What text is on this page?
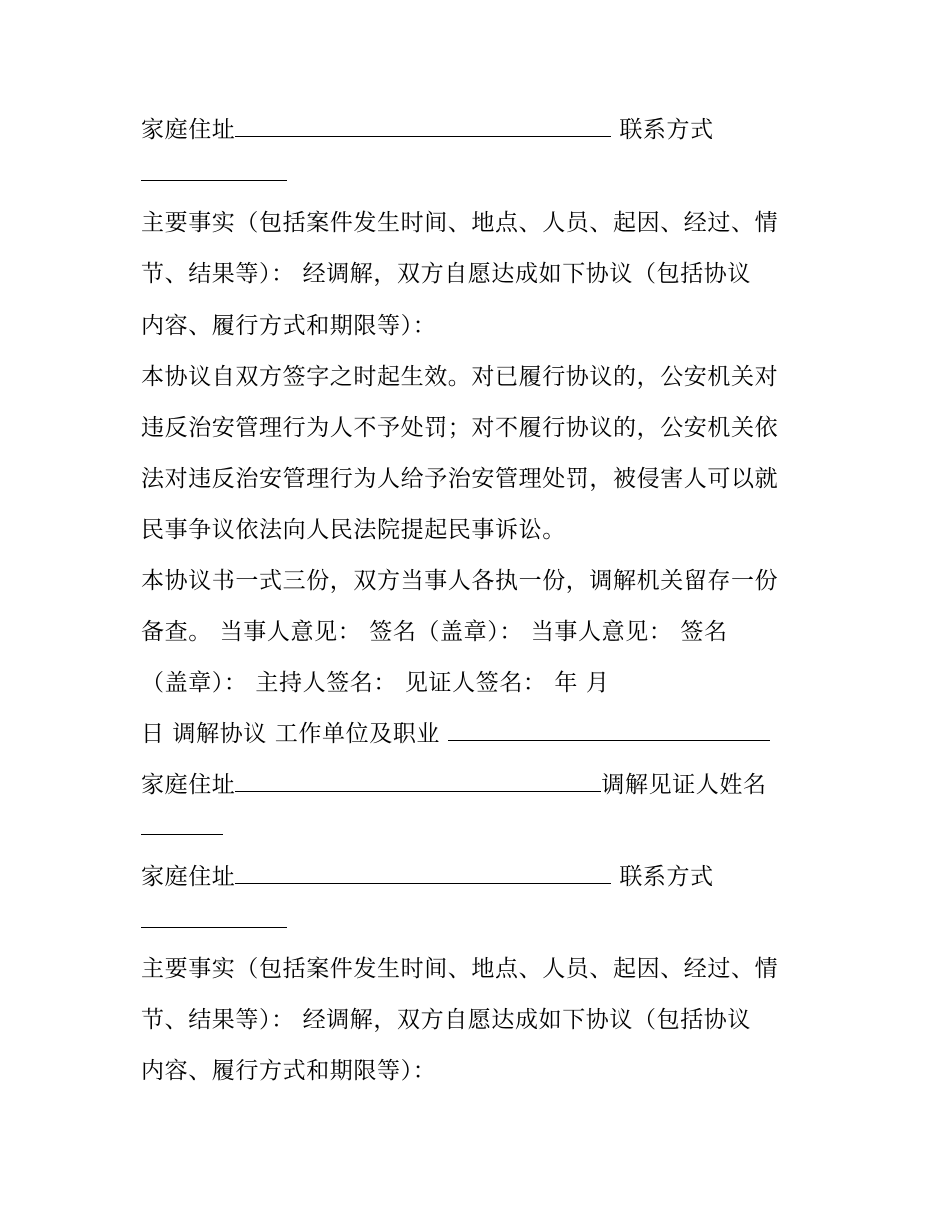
家庭住址	联系方式
主要事实（包括案件发生时间、地点、人员、起因、经过、情
节、结果等）： 经调解，双方自愿达成如下协议（包括协议
内容、履行方式和期限等）：
本协议自双方签字之时起生效。对已履行协议的，公安机关对
违反治安管理行为人不予处罚；对不履行协议的，公安机关依
法对违反治安管理行为人给予治安管理处罚，被侵害人可以就
民事争议依法向人民法院提起民事诉讼。
本协议书一式三份，双方当事人各执一份，调解机关留存一份
备查。 当事人意见： 签名（盖章）： 当事人意见： 签名
（盖章）： 主持人签名： 见证人签名： 年 月
日 调解协议 工作单位及职业
家庭住址	调解见证人姓名
家庭住址	联系方式
主要事实（包括案件发生时间、地点、人员、起因、经过、情
节、结果等）： 经调解，双方自愿达成如下协议（包括协议
内容、履行方式和期限等）：
